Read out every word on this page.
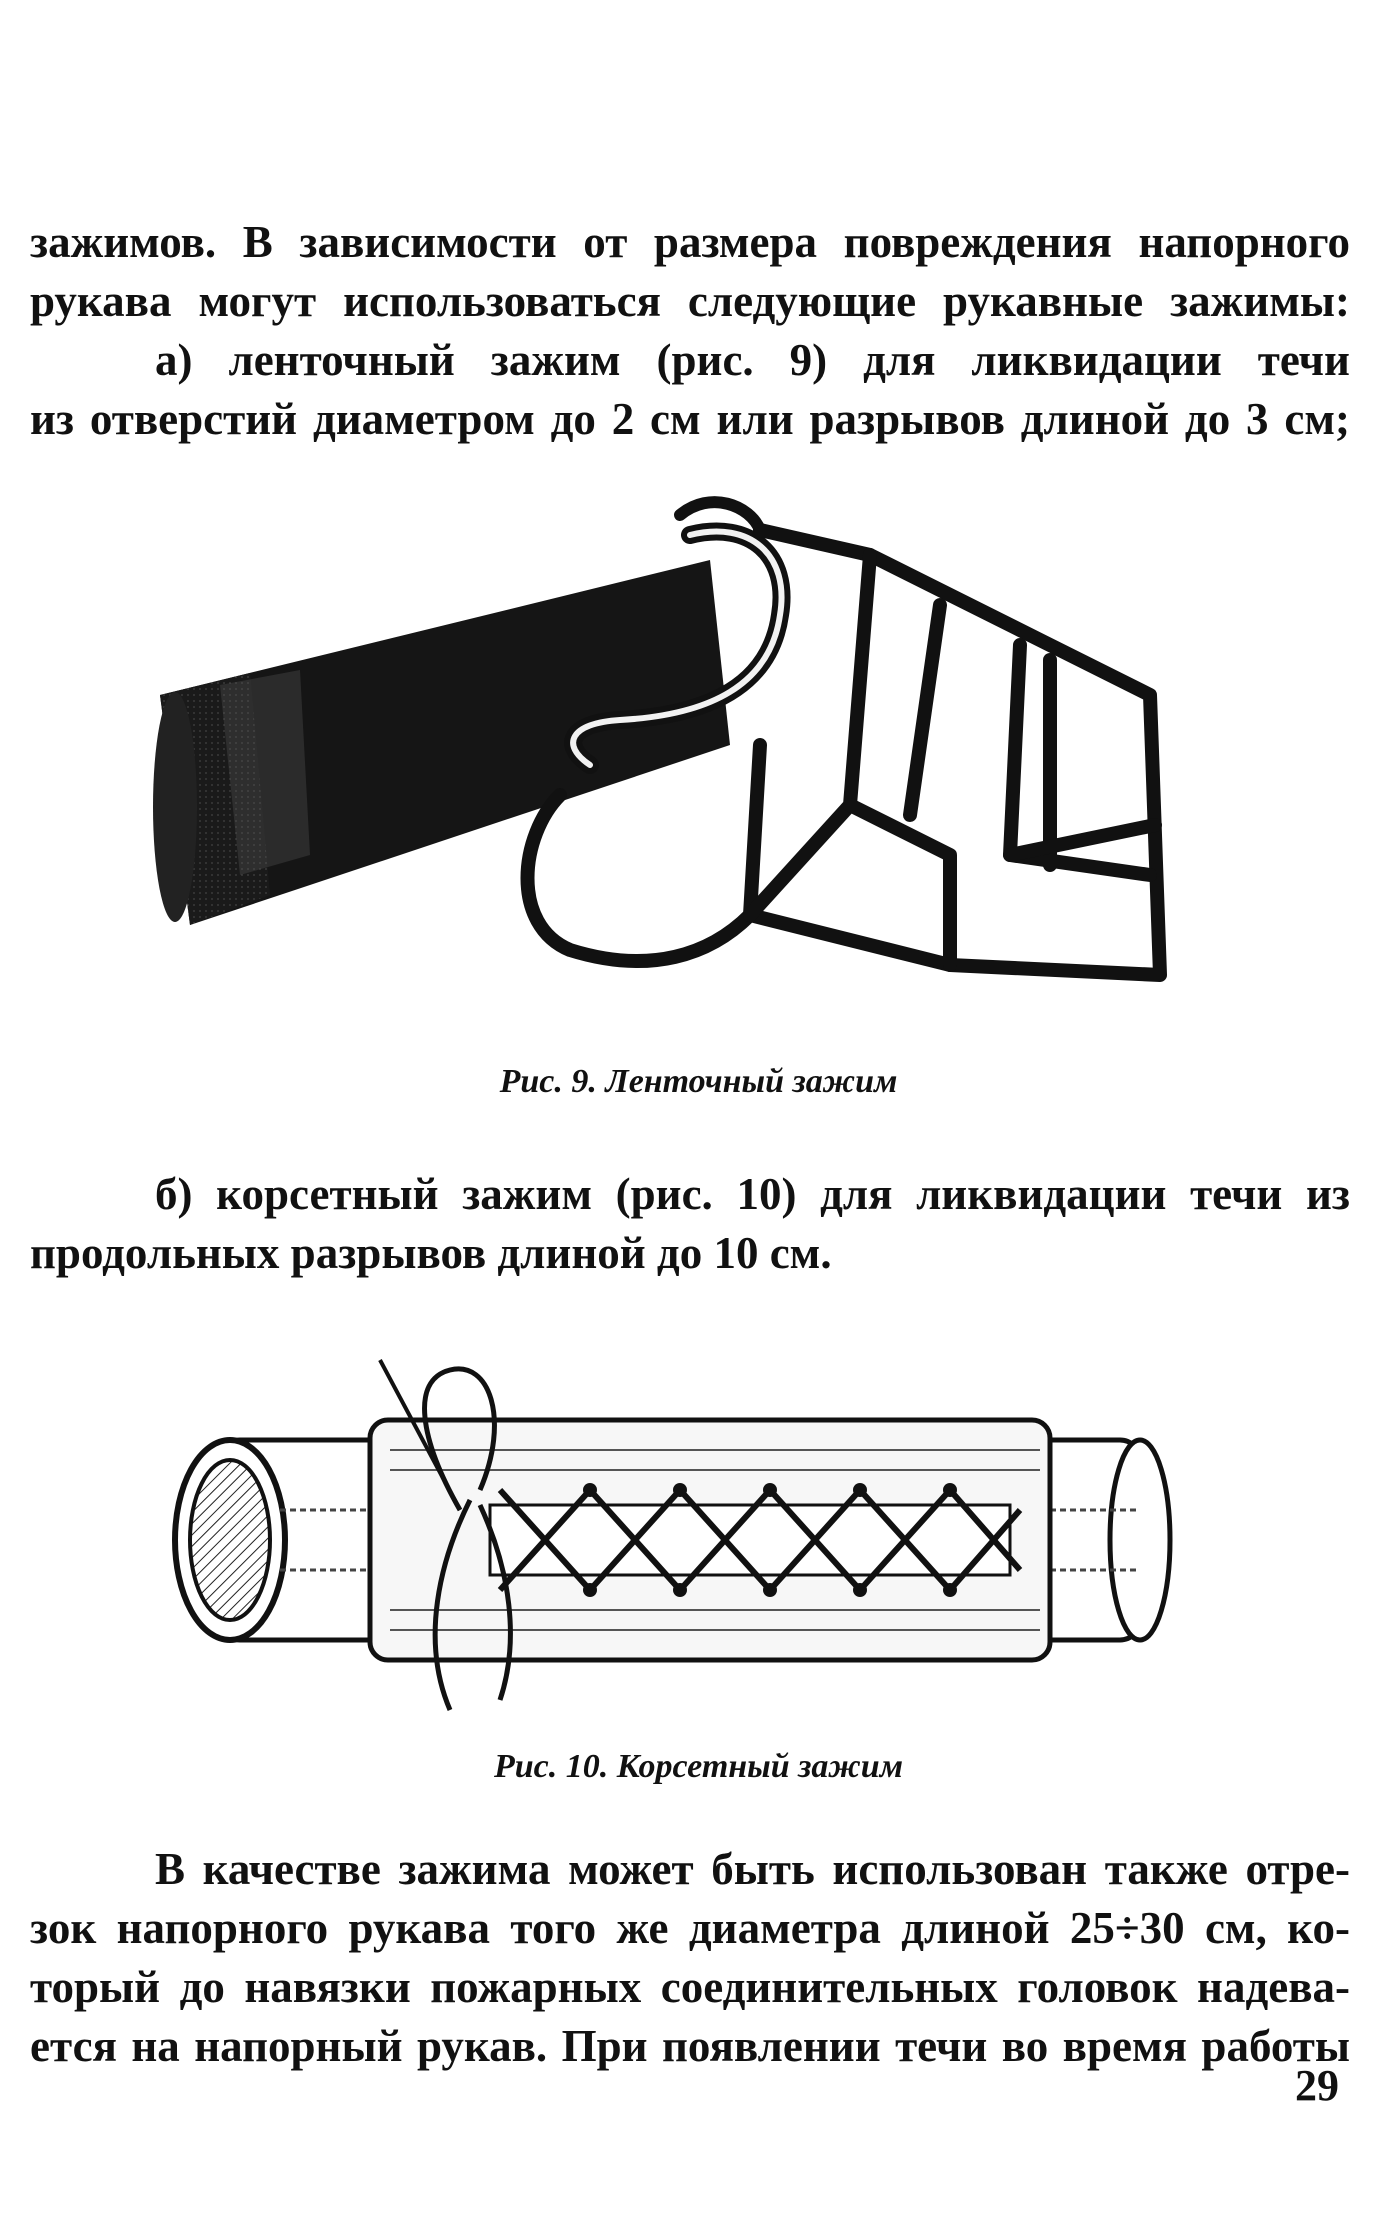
зажимов. В зависимости от размера повреждения напорного
рукава могут использоваться следующие рукавные зажимы:
а) ленточный зажим (рис. 9) для ликвидации течи
из отверстий диаметром до 2 см или разрывов длиной до 3 см;
Рис. 9. Ленточный зажим
б) корсетный зажим (рис. 10) для ликвидации течи из
продольных разрывов длиной до 10 см.
Рис. 10. Корсетный зажим
В качестве зажима может быть использован также отре-
зок напорного рукава того же диаметра длиной 25÷30 см, ко-
торый до навязки пожарных соединительных головок надева-
ется на напорный рукав. При появлении течи во время работы
29
